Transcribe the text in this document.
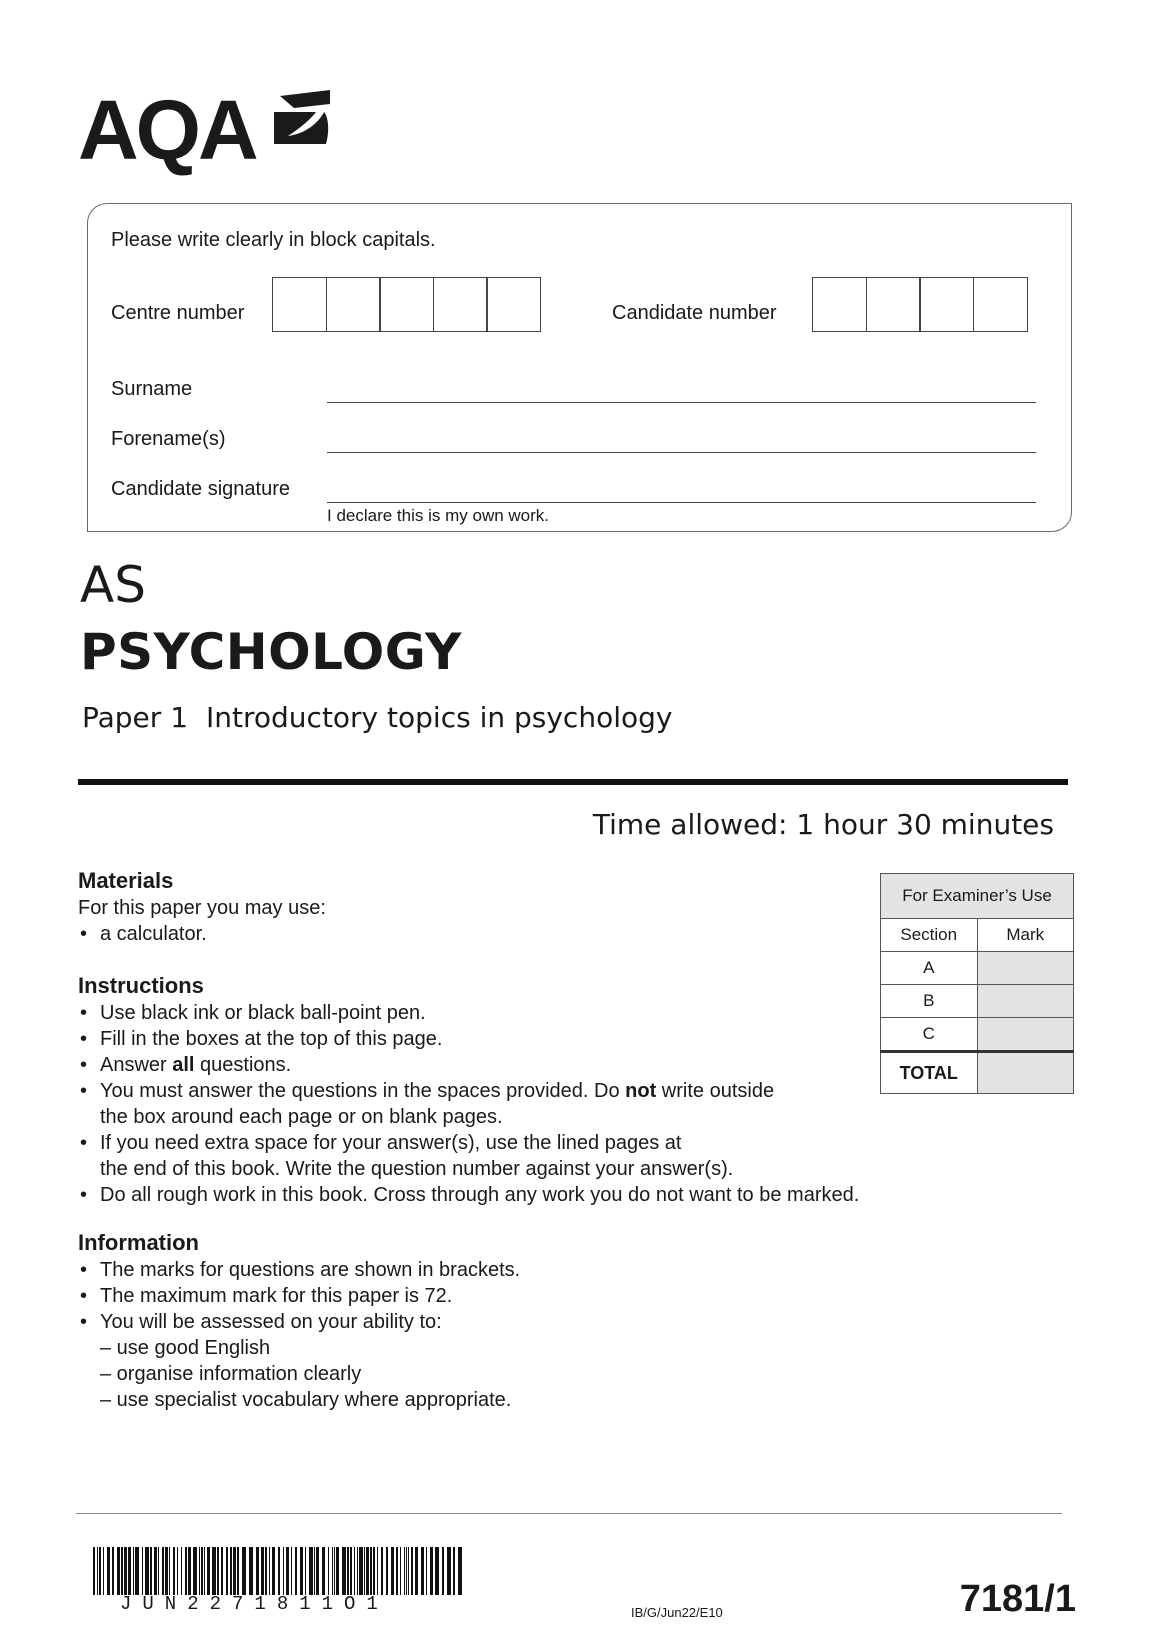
AQA
Please write clearly in block capitals.
Centre number	Candidate number
Surname
Forename(s)
Candidate signature
I declare this is my own work.
AS
PSYCHOLOGY
Paper 1 Introductory topics in psychology
Time allowed: 1 hour 30 minutes
Materials
For this paper you may use:
• a calculator.
Instructions
• Use black ink or black ball-point pen.
• Fill in the boxes at the top of this page.
• Answer all questions.
• You must answer the questions in the spaces provided. Do not write outside
the box around each page or on blank pages.
• If you need extra space for your answer(s), use the lined pages at
the end of this book. Write the question number against your answer(s).
• Do all rough work in this book. Cross through any work you do not want to be marked.
Information
• The marks for questions are shown in brackets.
• The maximum mark for this paper is 72.
• You will be assessed on your ability to:
– use good English
– organise information clearly
– use specialist vocabulary where appropriate.
For Examiner’s Use	
Section	Mark
A	
B	
C	
TOTAL	
JUN2271811O1	IB/G/Jun22/E10	7181/1
